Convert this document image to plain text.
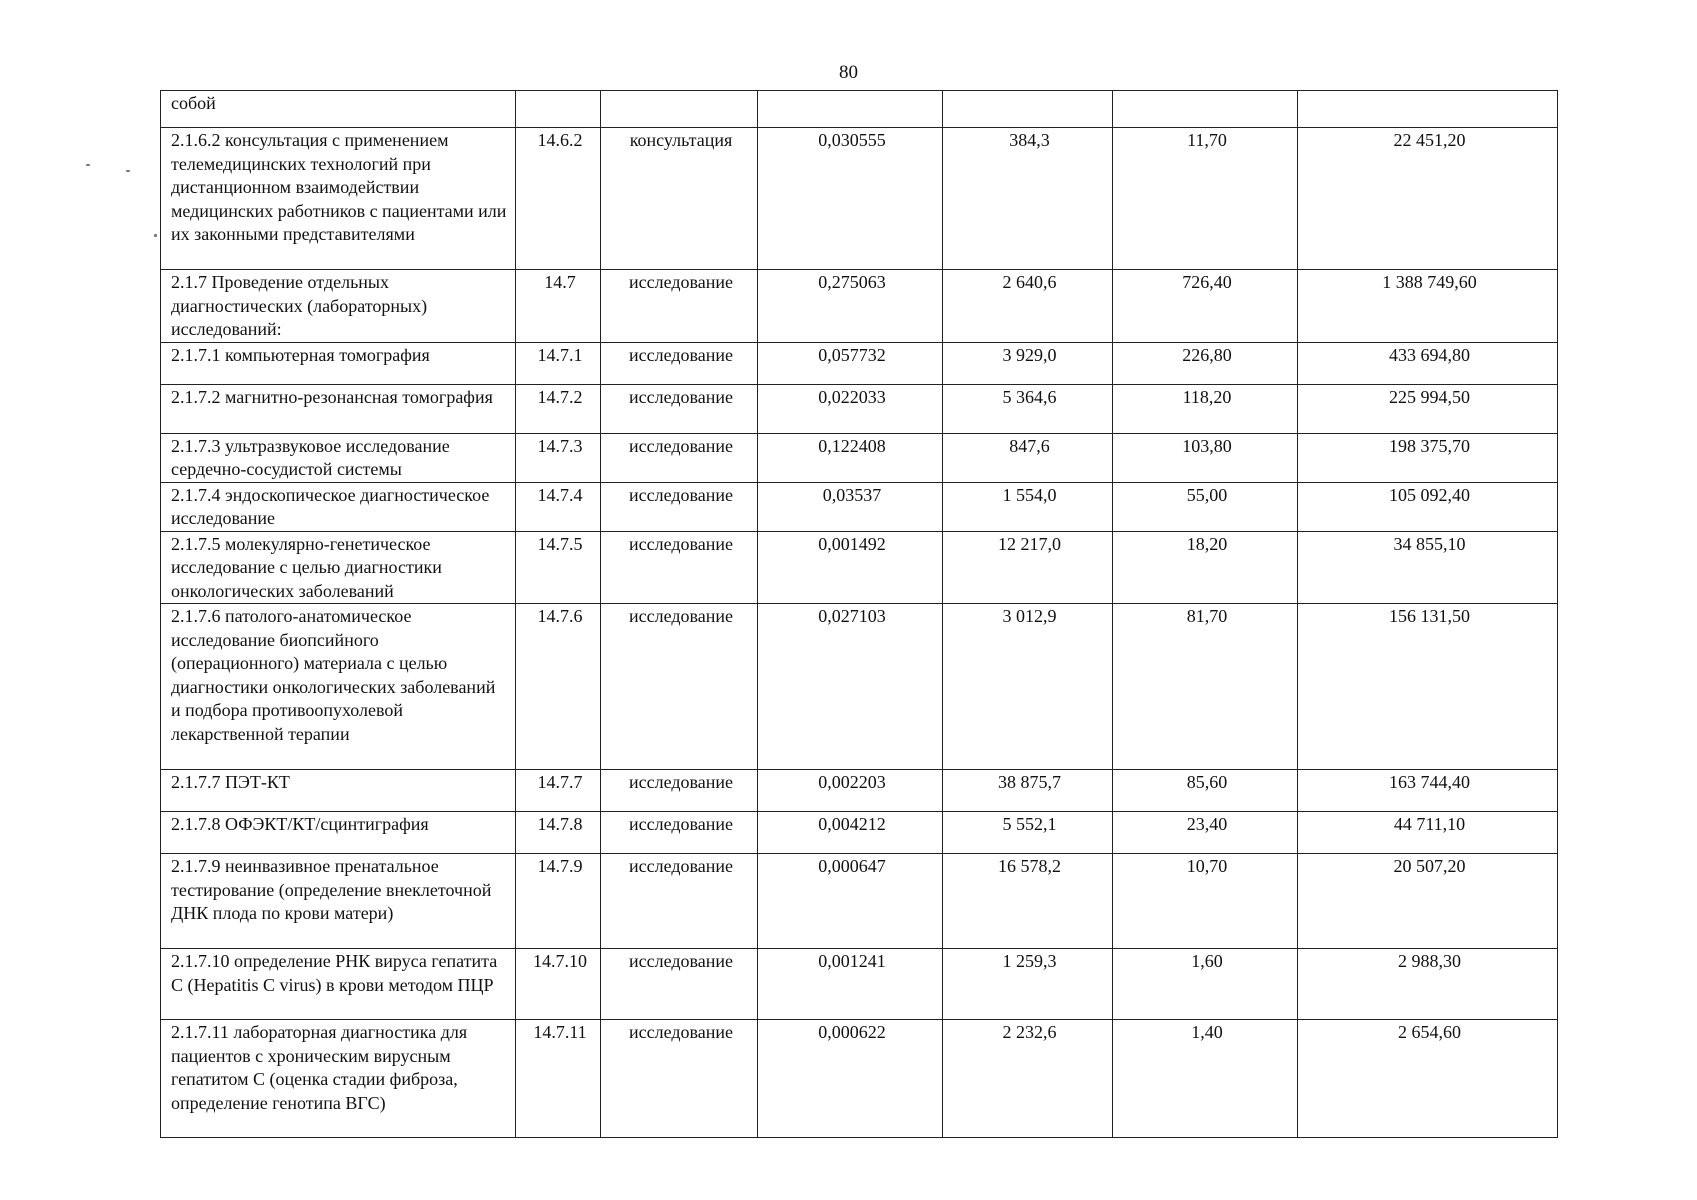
80
собой						
2.1.6.2 консультация с применением телемедицинских технологий при дистанционном взаимодействии медицинских работников с пациентами или их законными представителями	14.6.2	консультация	0,030555	384,3	11,70	22 451,20
2.1.7 Проведение отдельных диагностических (лабораторных) исследований:	14.7	исследование	0,275063	2 640,6	726,40	1 388 749,60
2.1.7.1 компьютерная томография	14.7.1	исследование	0,057732	3 929,0	226,80	433 694,80
2.1.7.2 магнитно-резонансная томография	14.7.2	исследование	0,022033	5 364,6	118,20	225 994,50
2.1.7.3 ультразвуковое исследование сердечно-сосудистой системы	14.7.3	исследование	0,122408	847,6	103,80	198 375,70
2.1.7.4 эндоскопическое диагностическое исследование	14.7.4	исследование	0,03537	1 554,0	55,00	105 092,40
2.1.7.5 молекулярно-генетическое исследование с целью диагностики онкологических заболеваний	14.7.5	исследование	0,001492	12 217,0	18,20	34 855,10
2.1.7.6 патолого-анатомическое исследование биопсийного (операционного) материала с целью диагностики онкологических заболеваний и подбора противоопухолевой лекарственной терапии	14.7.6	исследование	0,027103	3 012,9	81,70	156 131,50
2.1.7.7 ПЭТ-КТ	14.7.7	исследование	0,002203	38 875,7	85,60	163 744,40
2.1.7.8 ОФЭКТ/КТ/сцинтиграфия	14.7.8	исследование	0,004212	5 552,1	23,40	44 711,10
2.1.7.9 неинвазивное пренатальное тестирование (определение внеклеточной ДНК плода по крови матери)	14.7.9	исследование	0,000647	16 578,2	10,70	20 507,20
2.1.7.10 определение РНК вируса гепатита C (Hepatitis C virus) в крови методом ПЦР	14.7.10	исследование	0,001241	1 259,3	1,60	2 988,30
2.1.7.11 лабораторная диагностика для пациентов с хроническим вирусным гепатитом C (оценка стадии фиброза, определение генотипа ВГС)	14.7.11	исследование	0,000622	2 232,6	1,40	2 654,60
